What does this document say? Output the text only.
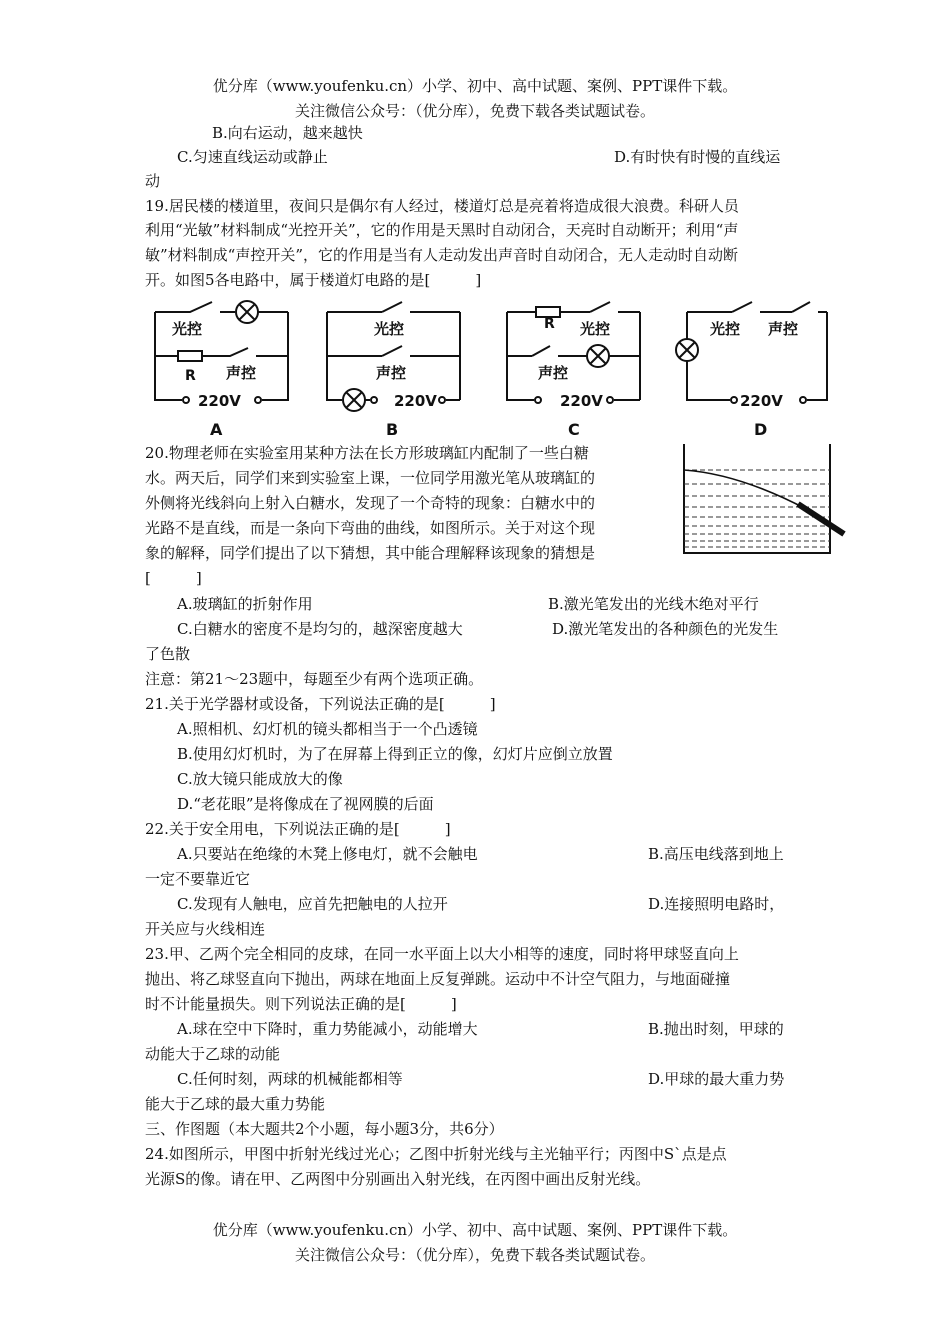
优分库（www.youfenku.cn）小学、初中、高中试题、案例、PPT课件下载。
关注微信公众号：（优分库），免费下载各类试题试卷。
B.向右运动，越来越快
C.匀速直线运动或静止	D.有时快有时慢的直线运
动
19.居民楼的楼道里，夜间只是偶尔有人经过，楼道灯总是亮着将造成很大浪费。科研人员
利用“光敏”材料制成“光控开关”，它的作用是天黑时自动闭合，天亮时自动断开；利用“声
敏”材料制成“声控开关”，它的作用是当有人走动发出声音时自动闭合，无人走动时自动断
开。如图5各电路中，属于楼道灯电路的是[　　　]
光控
R 声控
220V
A
光控
声控
220V
B
R 光控
声控
220V
C
光控 声控
220V
D
20.物理老师在实验室用某种方法在长方形玻璃缸内配制了一些白糖
水。两天后，同学们来到实验室上课，一位同学用激光笔从玻璃缸的
外侧将光线斜向上射入白糖水，发现了一个奇特的现象：白糖水中的
光路不是直线，而是一条向下弯曲的曲线，如图所示。关于对这个现
象的解释，同学们提出了以下猜想，其中能合理解释该现象的猜想是
[　　　]
A.玻璃缸的折射作用	B.激光笔发出的光线木绝对平行
C.白糖水的密度不是均匀的，越深密度越大	D.激光笔发出的各种颜色的光发生
了色散
注意：第21～23题中，每题至少有两个选项正确。
21.关于光学器材或设备，下列说法正确的是[　　　]
A.照相机、幻灯机的镜头都相当于一个凸透镜
B.使用幻灯机时，为了在屏幕上得到正立的像，幻灯片应倒立放置
C.放大镜只能成放大的像
D.“老花眼”是将像成在了视网膜的后面
22.关于安全用电，下列说法正确的是[　　　]
A.只要站在绝缘的木凳上修电灯，就不会触电	B.高压电线落到地上
一定不要靠近它
C.发现有人触电，应首先把触电的人拉开	D.连接照明电路时，
开关应与火线相连
23.甲、乙两个完全相同的皮球，在同一水平面上以大小相等的速度，同时将甲球竖直向上
抛出、将乙球竖直向下抛出，两球在地面上反复弹跳。运动中不计空气阻力，与地面碰撞
时不计能量损失。则下列说法正确的是[　　　]
A.球在空中下降时，重力势能减小，动能增大	B.抛出时刻，甲球的
动能大于乙球的动能
C.任何时刻，两球的机械能都相等	D.甲球的最大重力势
能大于乙球的最大重力势能
三、作图题（本大题共2个小题，每小题3分，共6分）
24.如图所示，甲图中折射光线过光心；乙图中折射光线与主光轴平行；丙图中S`点是点
光源S的像。请在甲、乙两图中分别画出入射光线，在丙图中画出反射光线。
优分库（www.youfenku.cn）小学、初中、高中试题、案例、PPT课件下载。
关注微信公众号：（优分库），免费下载各类试题试卷。
